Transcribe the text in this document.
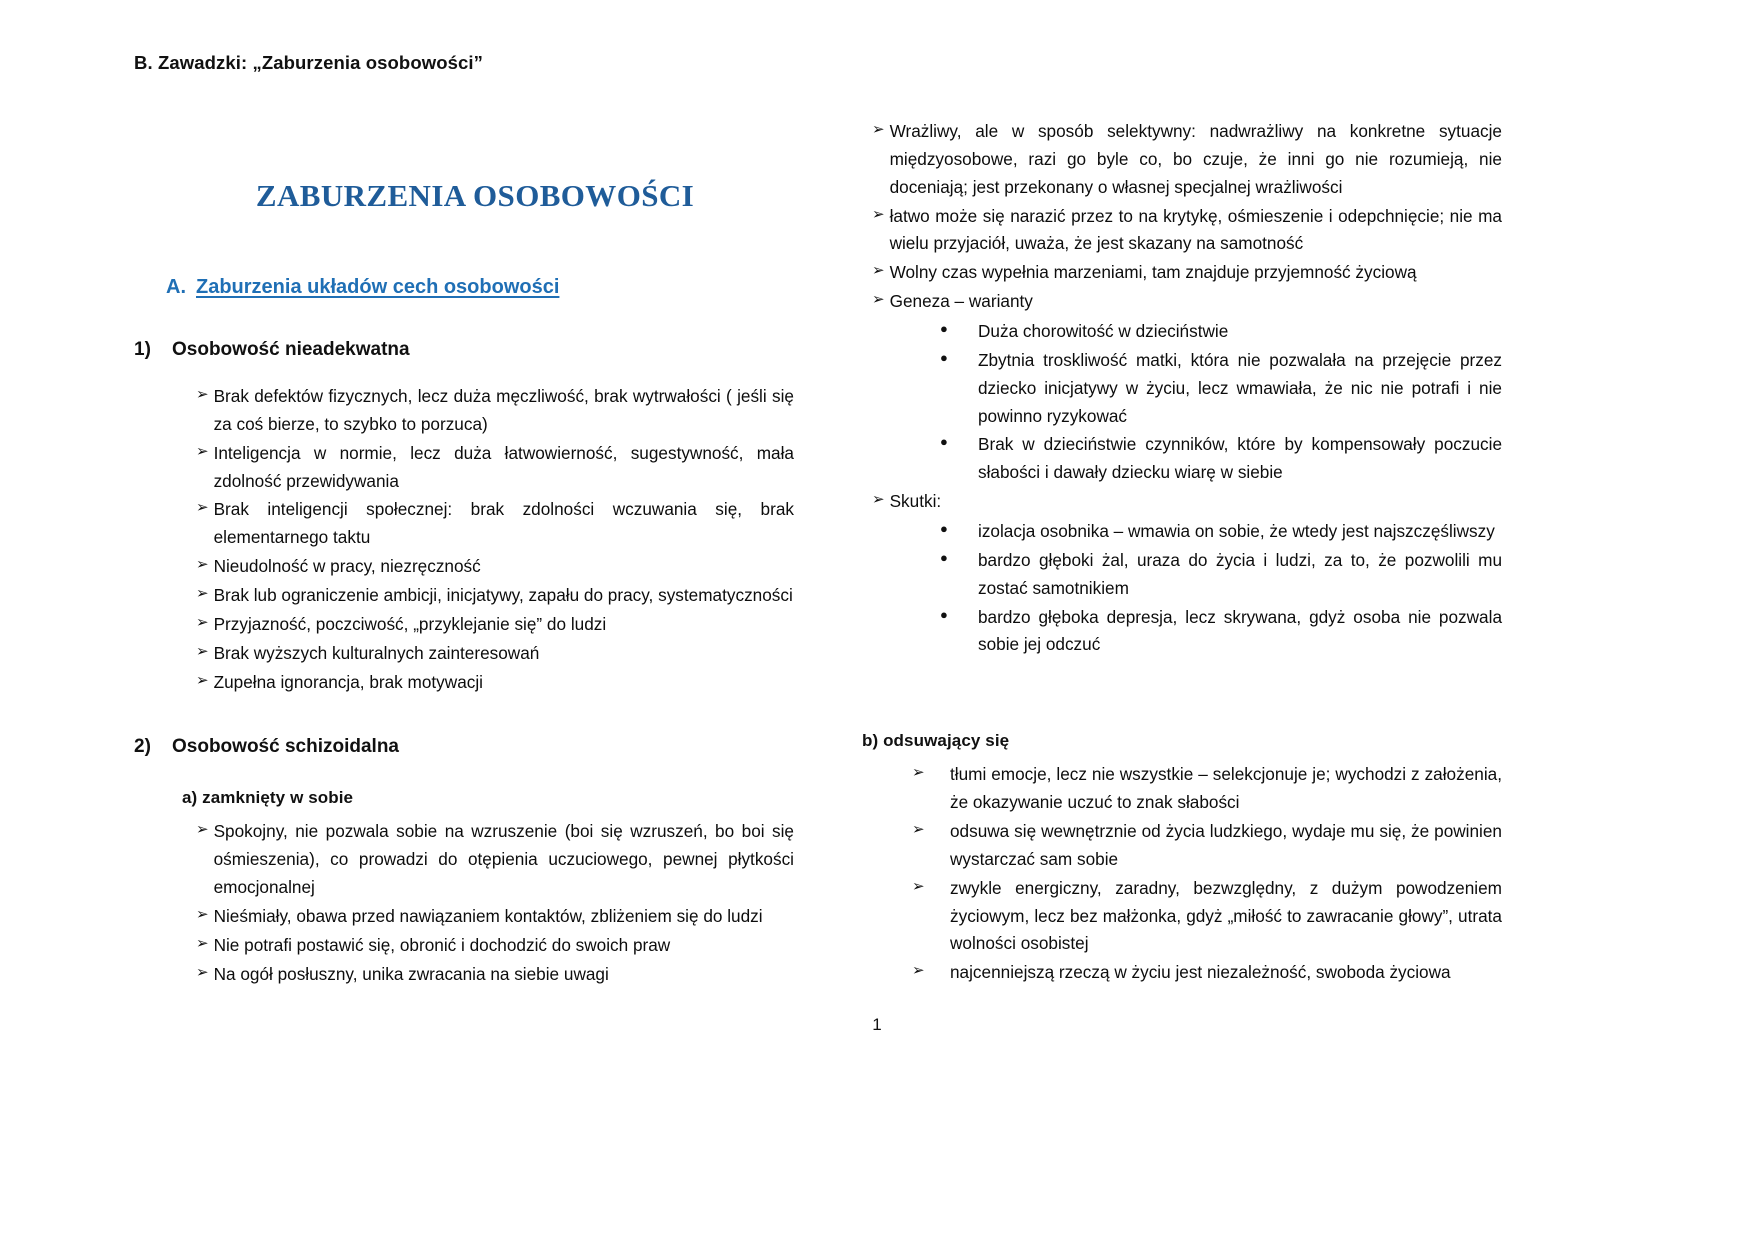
B. Zawadzki: „Zaburzenia osobowości”
ZABURZENIA OSOBOWOŚCI
A. Zaburzenia układów cech osobowości
1) Osobowość nieadekwatna
➢ Brak defektów fizycznych, lecz duża męczliwość, brak wytrwałości ( jeśli się za coś bierze, to szybko to porzuca)
➢ Inteligencja w normie, lecz duża łatwowierność, sugestywność, mała zdolność przewidywania
➢ Brak inteligencji społecznej: brak zdolności wczuwania się, brak elementarnego taktu
➢ Nieudolność w pracy, niezręczność
➢ Brak lub ograniczenie ambicji, inicjatywy, zapału do pracy, systematyczności
➢ Przyjazność, poczciwość, „przyklejanie się” do ludzi
➢ Brak wyższych kulturalnych zainteresowań
➢ Zupełna ignorancja, brak motywacji
2) Osobowość schizoidalna
a) zamknięty w sobie
➢ Spokojny, nie pozwala sobie na wzruszenie (boi się wzruszeń, bo boi się ośmieszenia), co prowadzi do otępienia uczuciowego, pewnej płytkości emocjonalnej
➢ Nieśmiały, obawa przed nawiązaniem kontaktów, zbliżeniem się do ludzi
➢ Nie potrafi postawić się, obronić i dochodzić do swoich praw
➢ Na ogół posłuszny, unika zwracania na siebie uwagi
➢ Wrażliwy, ale w sposób selektywny: nadwrażliwy na konkretne sytuacje międzyosobowe, razi go byle co, bo czuje, że inni go nie rozumieją, nie doceniają; jest przekonany o własnej specjalnej wrażliwości
➢ łatwo może się narazić przez to na krytykę, ośmieszenie i odepchnięcie; nie ma wielu przyjaciół, uważa, że jest skazany na samotność
➢ Wolny czas wypełnia marzeniami, tam znajduje przyjemność życiową
➢ Geneza – warianty
●	Duża chorowitość w dzieciństwie
●	Zbytnia troskliwość matki, która nie pozwalała na przejęcie przez dziecko inicjatywy w życiu, lecz wmawiała, że nic nie potrafi i nie powinno ryzykować
●	Brak w dzieciństwie czynników, które by kompensowały poczucie słabości i dawały dziecku wiarę w siebie
➢ Skutki:
●	izolacja osobnika – wmawia on sobie, że wtedy jest najszczęśliwszy
●	bardzo głęboki żal, uraza do życia i ludzi, za to, że pozwolili mu zostać samotnikiem
●	bardzo głęboka depresja, lecz skrywana, gdyż osoba nie pozwala sobie jej odczuć
b) odsuwający się
➢	tłumi emocje, lecz nie wszystkie – selekcjonuje je; wychodzi z założenia, że okazywanie uczuć to znak słabości
➢	odsuwa się wewnętrznie od życia ludzkiego, wydaje mu się, że powinien wystarczać sam sobie
➢	zwykle energiczny, zaradny, bezwzględny, z dużym powodzeniem życiowym, lecz bez małżonka, gdyż „miłość to zawracanie głowy”, utrata wolności osobistej
➢	najcenniejszą rzeczą w życiu jest niezależność, swoboda życiowa
1
